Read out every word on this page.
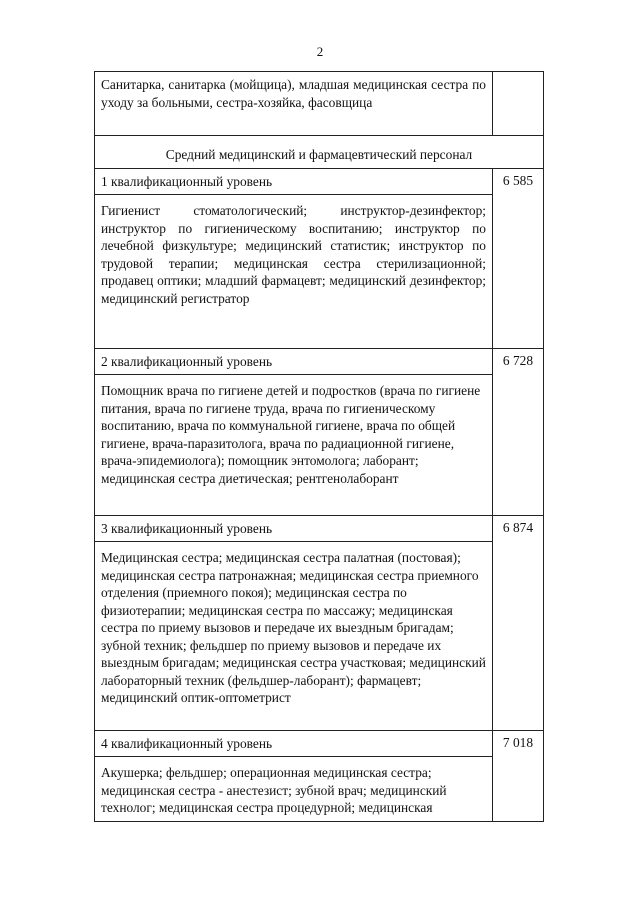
2
Санитарка, санитарка (мойщица), младшая медицинская сестра по уходу за больными, сестра-хозяйка, фасовщица	
Средний медицинский и фармацевтический персонал	
1 квалификационный уровень	6 585
Гигиенист стоматологический; инструктор-дезинфектор; инструктор по гигиеническому воспитанию; инструктор по лечебной физкультуре; медицинский статистик; инструктор по трудовой терапии; медицинская сестра стерилизационной; продавец оптики; младший фармацевт; медицинский дезинфектор; медицинский регистратор	
2 квалификационный уровень	6 728
Помощник врача по гигиене детей и подростков (врача по гигиене питания, врача по гигиене труда, врача по гигиеническому воспитанию, врача по коммунальной гигиене, врача по общей гигиене, врача-паразитолога, врача по радиационной гигиене, врача-эпидемиолога); помощник энтомолога; лаборант; медицинская сестра диетическая; рентгенолаборант	
3 квалификационный уровень	6 874
Медицинская сестра; медицинская сестра палатная (постовая); медицинская сестра патронажная; медицинская сестра приемного отделения (приемного покоя); медицинская сестра по физиотерапии; медицинская сестра по массажу; медицинская сестра по приему вызовов и передаче их выездным бригадам; зубной техник; фельдшер по приему вызовов и передаче их выездным бригадам; медицинская сестра участковая; медицинский лабораторный техник (фельдшер-лаборант); фармацевт; медицинский оптик-оптометрист	
4 квалификационный уровень	7 018
Акушерка; фельдшер; операционная медицинская сестра; медицинская сестра - анестезист; зубной врач; медицинский технолог; медицинская сестра процедурной; медицинская	
